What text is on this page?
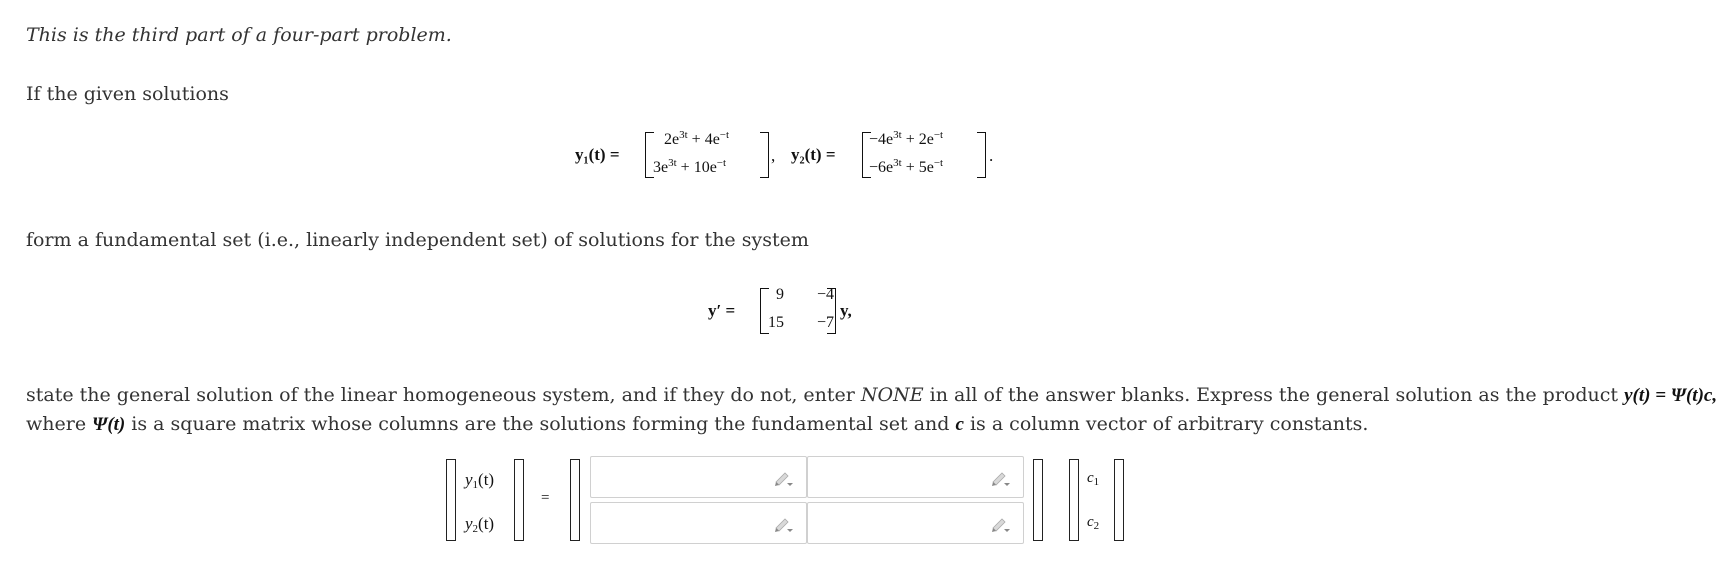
This is the third part of a four-part problem.
If the given solutions
y₁(t) =
$2e^{3t} + 4e^{-t}$
$3e^{3t} + 10e^{-t}$	, y₂(t) =
$-4e^{3t} + 2e^{-t}$
$-6e^{3t} + 5e^{-t}$	.
form a fundamental set (i.e., linearly independent set) of solutions for the system
y′ =
9 −4
15 −7
y,
state the general solution of the linear homogeneous system, and if they do not, enter NONE in all of the answer blanks. Express the general solution as the product y(t) = Ψ(t)c,
where Ψ(t) is a square matrix whose columns are the solutions forming the fundamental set and c is a column vector of arbitrary constants.
$y_1(t)$
$y_2(t)$
=
$c_1$
$c_2$
